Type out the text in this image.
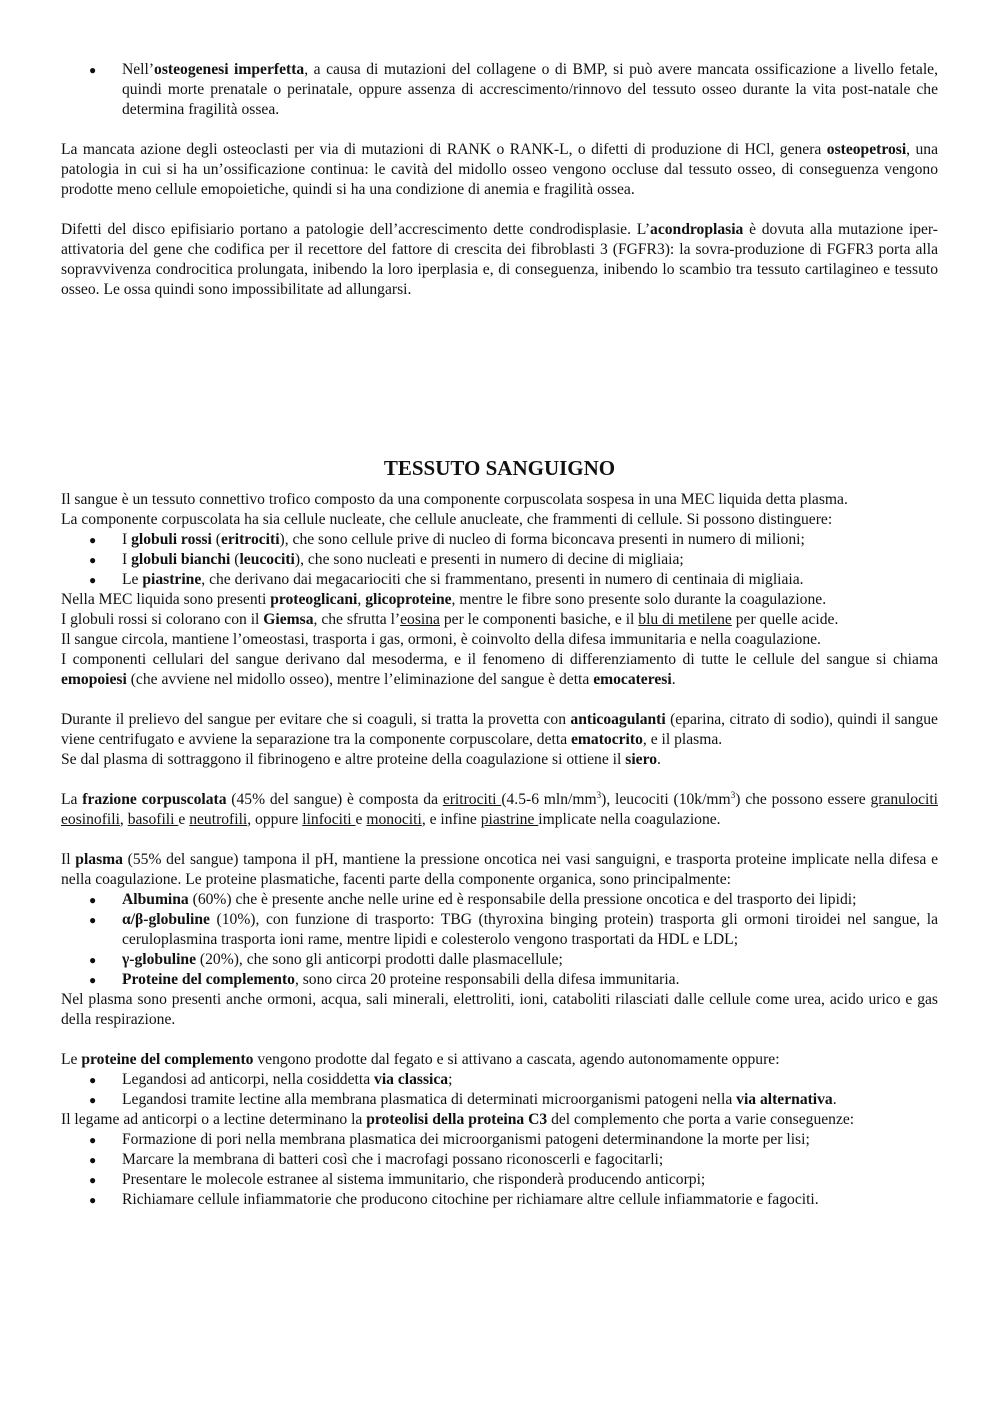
● Nell’osteogenesi imperfetta, a causa di mutazioni del collagene o di BMP, si può avere mancata ossificazione a livello fetale, quindi morte prenatale o perinatale, oppure assenza di accrescimento/rinnovo del tessuto osseo durante la vita post-natale che determina fragilità ossea.

La mancata azione degli osteoclasti per via di mutazioni di RANK o RANK-L, o difetti di produzione di HCl, genera osteopetrosi, una patologia in cui si ha un’ossificazione continua: le cavità del midollo osseo vengono occluse dal tessuto osseo, di conseguenza vengono prodotte meno cellule emopoietiche, quindi si ha una condizione di anemia e fragilità ossea.

Difetti del disco epifisiario portano a patologie dell’accrescimento dette condrodisplasie. L’acondroplasia è dovuta alla mutazione iper-attivatoria del gene che codifica per il recettore del fattore di crescita dei fibroblasti 3 (FGFR3): la sovra-produzione di FGFR3 porta alla sopravvivenza condrocitica prolungata, inibendo la loro iperplasia e, di conseguenza, inibendo lo scambio tra tessuto cartilagineo e tessuto osseo. Le ossa quindi sono impossibilitate ad allungarsi.

TESSUTO SANGUIGNO

Il sangue è un tessuto connettivo trofico composto da una componente corpuscolata sospesa in una MEC liquida detta plasma.

La componente corpuscolata ha sia cellule nucleate, che cellule anucleate, che frammenti di cellule. Si possono distinguere:

● I globuli rossi (eritrociti), che sono cellule prive di nucleo di forma biconcava presenti in numero di milioni;
● I globuli bianchi (leucociti), che sono nucleati e presenti in numero di decine di migliaia;
● Le piastrine, che derivano dai megacariociti che si frammentano, presenti in numero di centinaia di migliaia.

Nella MEC liquida sono presenti proteoglicani, glicoproteine, mentre le fibre sono presente solo durante la coagulazione.

I globuli rossi si colorano con il Giemsa, che sfrutta l’eosina per le componenti basiche, e il blu di metilene per quelle acide.

Il sangue circola, mantiene l’omeostasi, trasporta i gas, ormoni, è coinvolto della difesa immunitaria e nella coagulazione.

I componenti cellulari del sangue derivano dal mesoderma, e il fenomeno di differenziamento di tutte le cellule del sangue si chiama emopoiesi (che avviene nel midollo osseo), mentre l’eliminazione del sangue è detta emocateresi.

Durante il prelievo del sangue per evitare che si coaguli, si tratta la provetta con anticoagulanti (eparina, citrato di sodio), quindi il sangue viene centrifugato e avviene la separazione tra la componente corpuscolare, detta ematocrito, e il plasma.

Se dal plasma di sottraggono il fibrinogeno e altre proteine della coagulazione si ottiene il siero.

La frazione corpuscolata (45% del sangue) è composta da eritrociti (4.5-6 mln/$mm^3$), leucociti $(10k/mm^3)$ che possono essere granulociti eosinofili, basofili e neutrofili, oppure linfociti e monociti, e infine piastrine implicate nella coagulazione.

Il plasma (55% del sangue) tampona il pH, mantiene la pressione oncotica nei vasi sanguigni, e trasporta proteine implicate nella difesa e nella coagulazione. Le proteine plasmatiche, facenti parte della componente organica, sono principalmente:

● Albumina (60%) che è presente anche nelle urine ed è responsabile della pressione oncotica e del trasporto dei lipidi;
● α/β-globuline (10%), con funzione di trasporto: TBG (thyroxina binging protein) trasporta gli ormoni tiroidei nel sangue, la ceruloplasmina trasporta ioni rame, mentre lipidi e colesterolo vengono trasportati da HDL e LDL;
● γ-globuline (20%), che sono gli anticorpi prodotti dalle plasmacellule;
● Proteine del complemento, sono circa 20 proteine responsabili della difesa immunitaria.

Nel plasma sono presenti anche ormoni, acqua, sali minerali, elettroliti, ioni, cataboliti rilasciati dalle cellule come urea, acido urico e gas della respirazione.

Le proteine del complemento vengono prodotte dal fegato e si attivano a cascata, agendo autonomamente oppure:

● Legandosi ad anticorpi, nella cosiddetta via classica;
● Legandosi tramite lectine alla membrana plasmatica di determinati microorganismi patogeni nella via alternativa.

Il legame ad anticorpi o a lectine determinano la proteolisi della proteina C3 del complemento che porta a varie conseguenze:

● Formazione di pori nella membrana plasmatica dei microorganismi patogeni determinandone la morte per lisi;
● Marcare la membrana di batteri così che i macrofagi possano riconoscerli e fagocitarli;
● Presentare le molecole estranee al sistema immunitario, che risponderà producendo anticorpi;
● Richiamare cellule infiammatorie che producono citochine per richiamare altre cellule infiammatorie e fagociti.
